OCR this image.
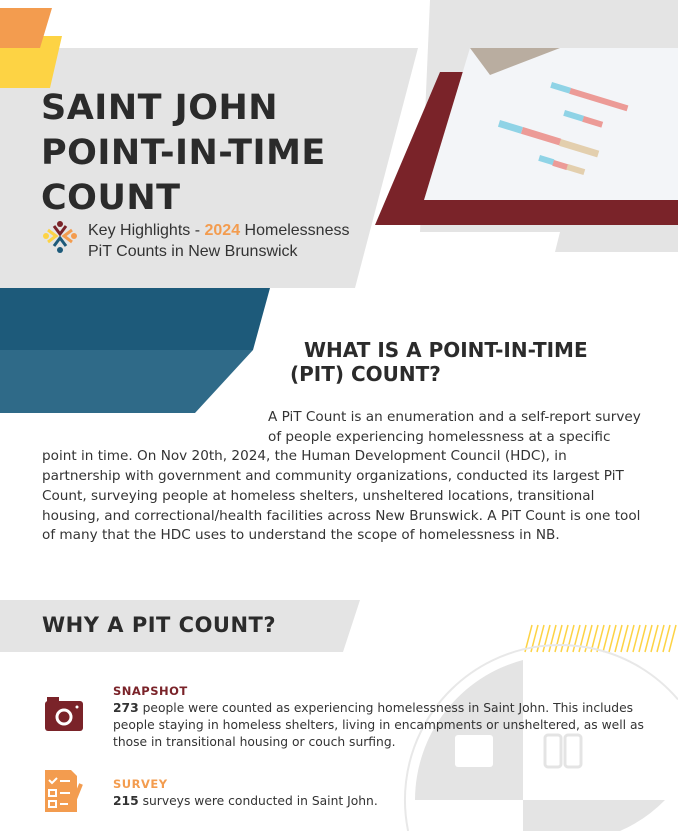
SAINT JOHN
POINT-IN-TIME
COUNT
Key Highlights - 2024 Homelessness
PiT Counts in New Brunswick
WHAT IS A POINT-IN-TIME (PIT) COUNT?
A PiT Count is an enumeration and a self-report survey of people experiencing homelessness at a specific point in time. On Nov 20th, 2024, the Human Development Council (HDC), in partnership with government and community organizations, conducted its largest PiT Count, surveying people at homeless shelters, unsheltered locations, transitional housing, and correctional/health facilities across New Brunswick. A PiT Count is one tool of many that the HDC uses to understand the scope of homelessness in NB.
WHY A PIT COUNT?
SNAPSHOT
273 people were counted as experiencing homelessness in Saint John. This includes people staying in homeless shelters, living in encampments or unsheltered, as well as those in transitional housing or couch surfing.
SURVEY
215 surveys were conducted in Saint John.
